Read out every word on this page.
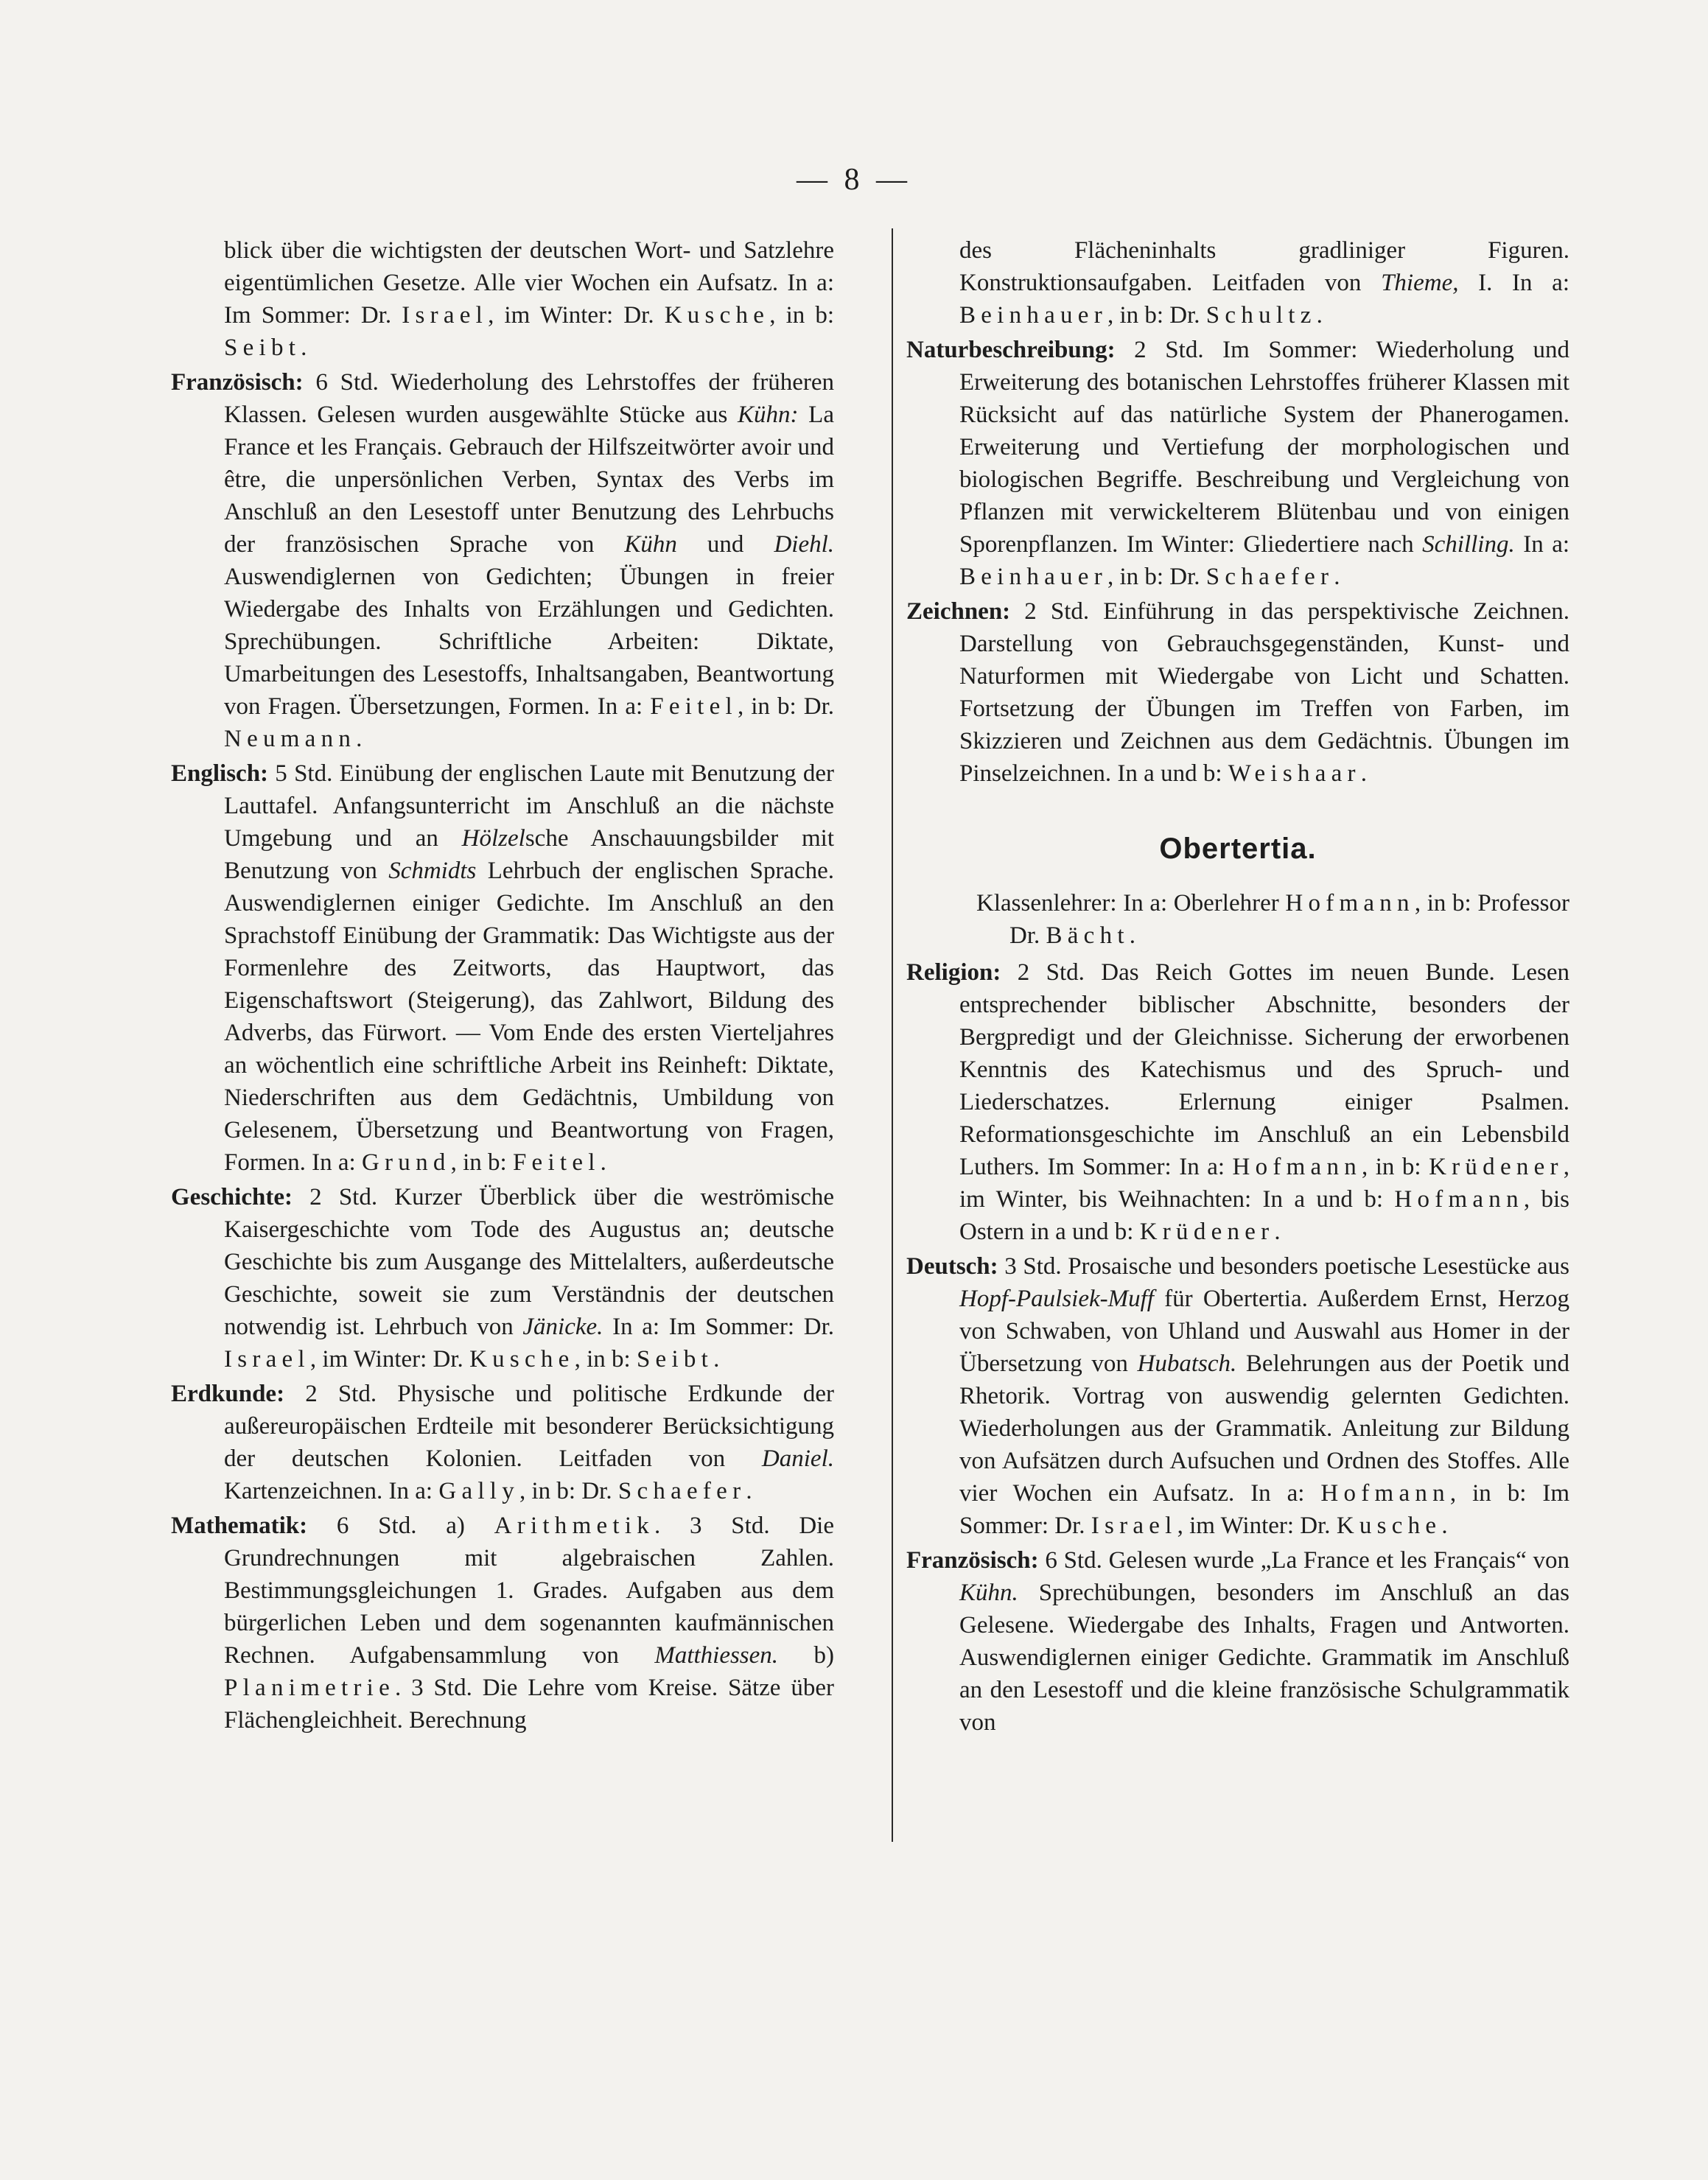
— 8 —

blick über die wichtigsten der deutschen Wort- und Satzlehre eigentümlichen Gesetze. Alle vier Wochen ein Aufsatz. In a: Im Sommer: Dr. Israel, im Winter: Dr. Kusche, in b: Seibt.

Französisch: 6 Std. Wiederholung des Lehrstoffes der früheren Klassen. Gelesen wurden ausgewählte Stücke aus Kühn: La France et les Français. Gebrauch der Hilfszeitwörter avoir und être, die unpersönlichen Verben, Syntax des Verbs im Anschluß an den Lesestoff unter Benutzung des Lehrbuchs der französischen Sprache von Kühn und Diehl. Auswendiglernen von Gedichten; Übungen in freier Wiedergabe des Inhalts von Erzählungen und Gedichten. Sprechübungen. Schriftliche Arbeiten: Diktate, Umarbeitungen des Lesestoffs, Inhaltsangaben, Beantwortung von Fragen. Übersetzungen, Formen. In a: Feitel, in b: Dr. Neumann.

Englisch: 5 Std. Einübung der englischen Laute mit Benutzung der Lauttafel. Anfangsunterricht im Anschluß an die nächste Umgebung und an Hölzelsche Anschauungsbilder mit Benutzung von Schmidts Lehrbuch der englischen Sprache. Auswendiglernen einiger Gedichte. Im Anschluß an den Sprachstoff Einübung der Grammatik: Das Wichtigste aus der Formenlehre des Zeitworts, das Hauptwort, das Eigenschaftswort (Steigerung), das Zahlwort, Bildung des Adverbs, das Fürwort. — Vom Ende des ersten Vierteljahres an wöchentlich eine schriftliche Arbeit ins Reinheft: Diktate, Niederschriften aus dem Gedächtnis, Umbildung von Gelesenem, Übersetzung und Beantwortung von Fragen, Formen. In a: Grund, in b: Feitel.

Geschichte: 2 Std. Kurzer Überblick über die weströmische Kaisergeschichte vom Tode des Augustus an; deutsche Geschichte bis zum Ausgange des Mittelalters, außerdeutsche Geschichte, soweit sie zum Verständnis der deutschen notwendig ist. Lehrbuch von Jänicke. In a: Im Sommer: Dr. Israel, im Winter: Dr. Kusche, in b: Seibt.

Erdkunde: 2 Std. Physische und politische Erdkunde der außereuropäischen Erdteile mit besonderer Berücksichtigung der deutschen Kolonien. Leitfaden von Daniel. Kartenzeichnen. In a: Gally, in b: Dr. Schaefer.

Mathematik: 6 Std. a) Arithmetik. 3 Std. Die Grundrechnungen mit algebraischen Zahlen. Bestimmungsgleichungen 1. Grades. Aufgaben aus dem bürgerlichen Leben und dem sogenannten kaufmännischen Rechnen. Aufgabensammlung von Matthiessen. b) Planimetrie. 3 Std. Die Lehre vom Kreise. Sätze über Flächengleichheit. Berechnung

des Flächeninhalts gradliniger Figuren. Konstruktionsaufgaben. Leitfaden von Thieme, I. In a: Beinhauer, in b: Dr. Schultz.

Naturbeschreibung: 2 Std. Im Sommer: Wiederholung und Erweiterung des botanischen Lehrstoffes früherer Klassen mit Rücksicht auf das natürliche System der Phanerogamen. Erweiterung und Vertiefung der morphologischen und biologischen Begriffe. Beschreibung und Vergleichung von Pflanzen mit verwickelterem Blütenbau und von einigen Sporenpflanzen. Im Winter: Gliedertiere nach Schilling. In a: Beinhauer, in b: Dr. Schaefer.

Zeichnen: 2 Std. Einführung in das perspektivische Zeichnen. Darstellung von Gebrauchsgegenständen, Kunst- und Naturformen mit Wiedergabe von Licht und Schatten. Fortsetzung der Übungen im Treffen von Farben, im Skizzieren und Zeichnen aus dem Gedächtnis. Übungen im Pinselzeichnen. In a und b: Weishaar.

Obertertia.

Klassenlehrer: In a: Oberlehrer Hofmann, in b: Professor Dr. Bächt.

Religion: 2 Std. Das Reich Gottes im neuen Bunde. Lesen entsprechender biblischer Abschnitte, besonders der Bergpredigt und der Gleichnisse. Sicherung der erworbenen Kenntnis des Katechismus und des Spruch- und Liederschatzes. Erlernung einiger Psalmen. Reformationsgeschichte im Anschluß an ein Lebensbild Luthers. Im Sommer: In a: Hofmann, in b: Krüdener, im Winter, bis Weihnachten: In a und b: Hofmann, bis Ostern in a und b: Krüdener.

Deutsch: 3 Std. Prosaische und besonders poetische Lesestücke aus Hopf-Paulsiek-Muff für Obertertia. Außerdem Ernst, Herzog von Schwaben, von Uhland und Auswahl aus Homer in der Übersetzung von Hubatsch. Belehrungen aus der Poetik und Rhetorik. Vortrag von auswendig gelernten Gedichten. Wiederholungen aus der Grammatik. Anleitung zur Bildung von Aufsätzen durch Aufsuchen und Ordnen des Stoffes. Alle vier Wochen ein Aufsatz. In a: Hofmann, in b: Im Sommer: Dr. Israel, im Winter: Dr. Kusche.

Französisch: 6 Std. Gelesen wurde „La France et les Français“ von Kühn. Sprechübungen, besonders im Anschluß an das Gelesene. Wiedergabe des Inhalts, Fragen und Antworten. Auswendiglernen einiger Gedichte. Grammatik im Anschluß an den Lesestoff und die kleine französische Schulgrammatik von
